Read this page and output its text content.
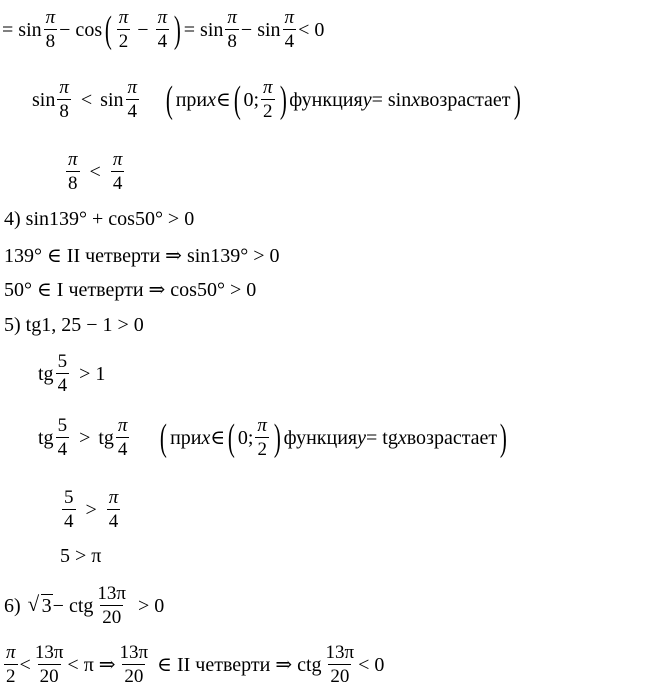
= $\sin \frac{\pi}{8} - \cos$ ( $\frac{\pi}{2} - \frac{\pi}{4}$ ) = $\sin \frac{\pi}{8} - \sin \frac{\pi}{4} < 0$
$\sin \frac{\pi}{8} < \sin \frac{\pi}{4}$ ( при x ∈ ( 0; $\frac{\pi}{2}$ ) функция y = sin x возрастает )
$\frac{\pi}{8} < \frac{\pi}{4}$
4) sin139° + cos50° > 0
139° ∈ II четверти ⇒ sin139° > 0
50° ∈ I четверти ⇒ cos50° > 0
5) tg1, 25 − 1 > 0
tg $\frac{5}{4} > 1$
tg $\frac{5}{4}$ > tg $\frac{\pi}{4}$ ( при x ∈ ( 0; $\frac{\pi}{2}$ ) функция y = tg x возрастает )
$\frac{5}{4} > \frac{\pi}{4}$
5 > π
6)
√	3 − ctg $\frac{13\pi}{20} > 0$
$\frac{\pi}{2} < \frac{13\pi}{20}$ <
π ⇒ $\frac{13\pi}{20}$
∈ II четверти ⇒ ctg $\frac{13\pi}{20} < 0$
